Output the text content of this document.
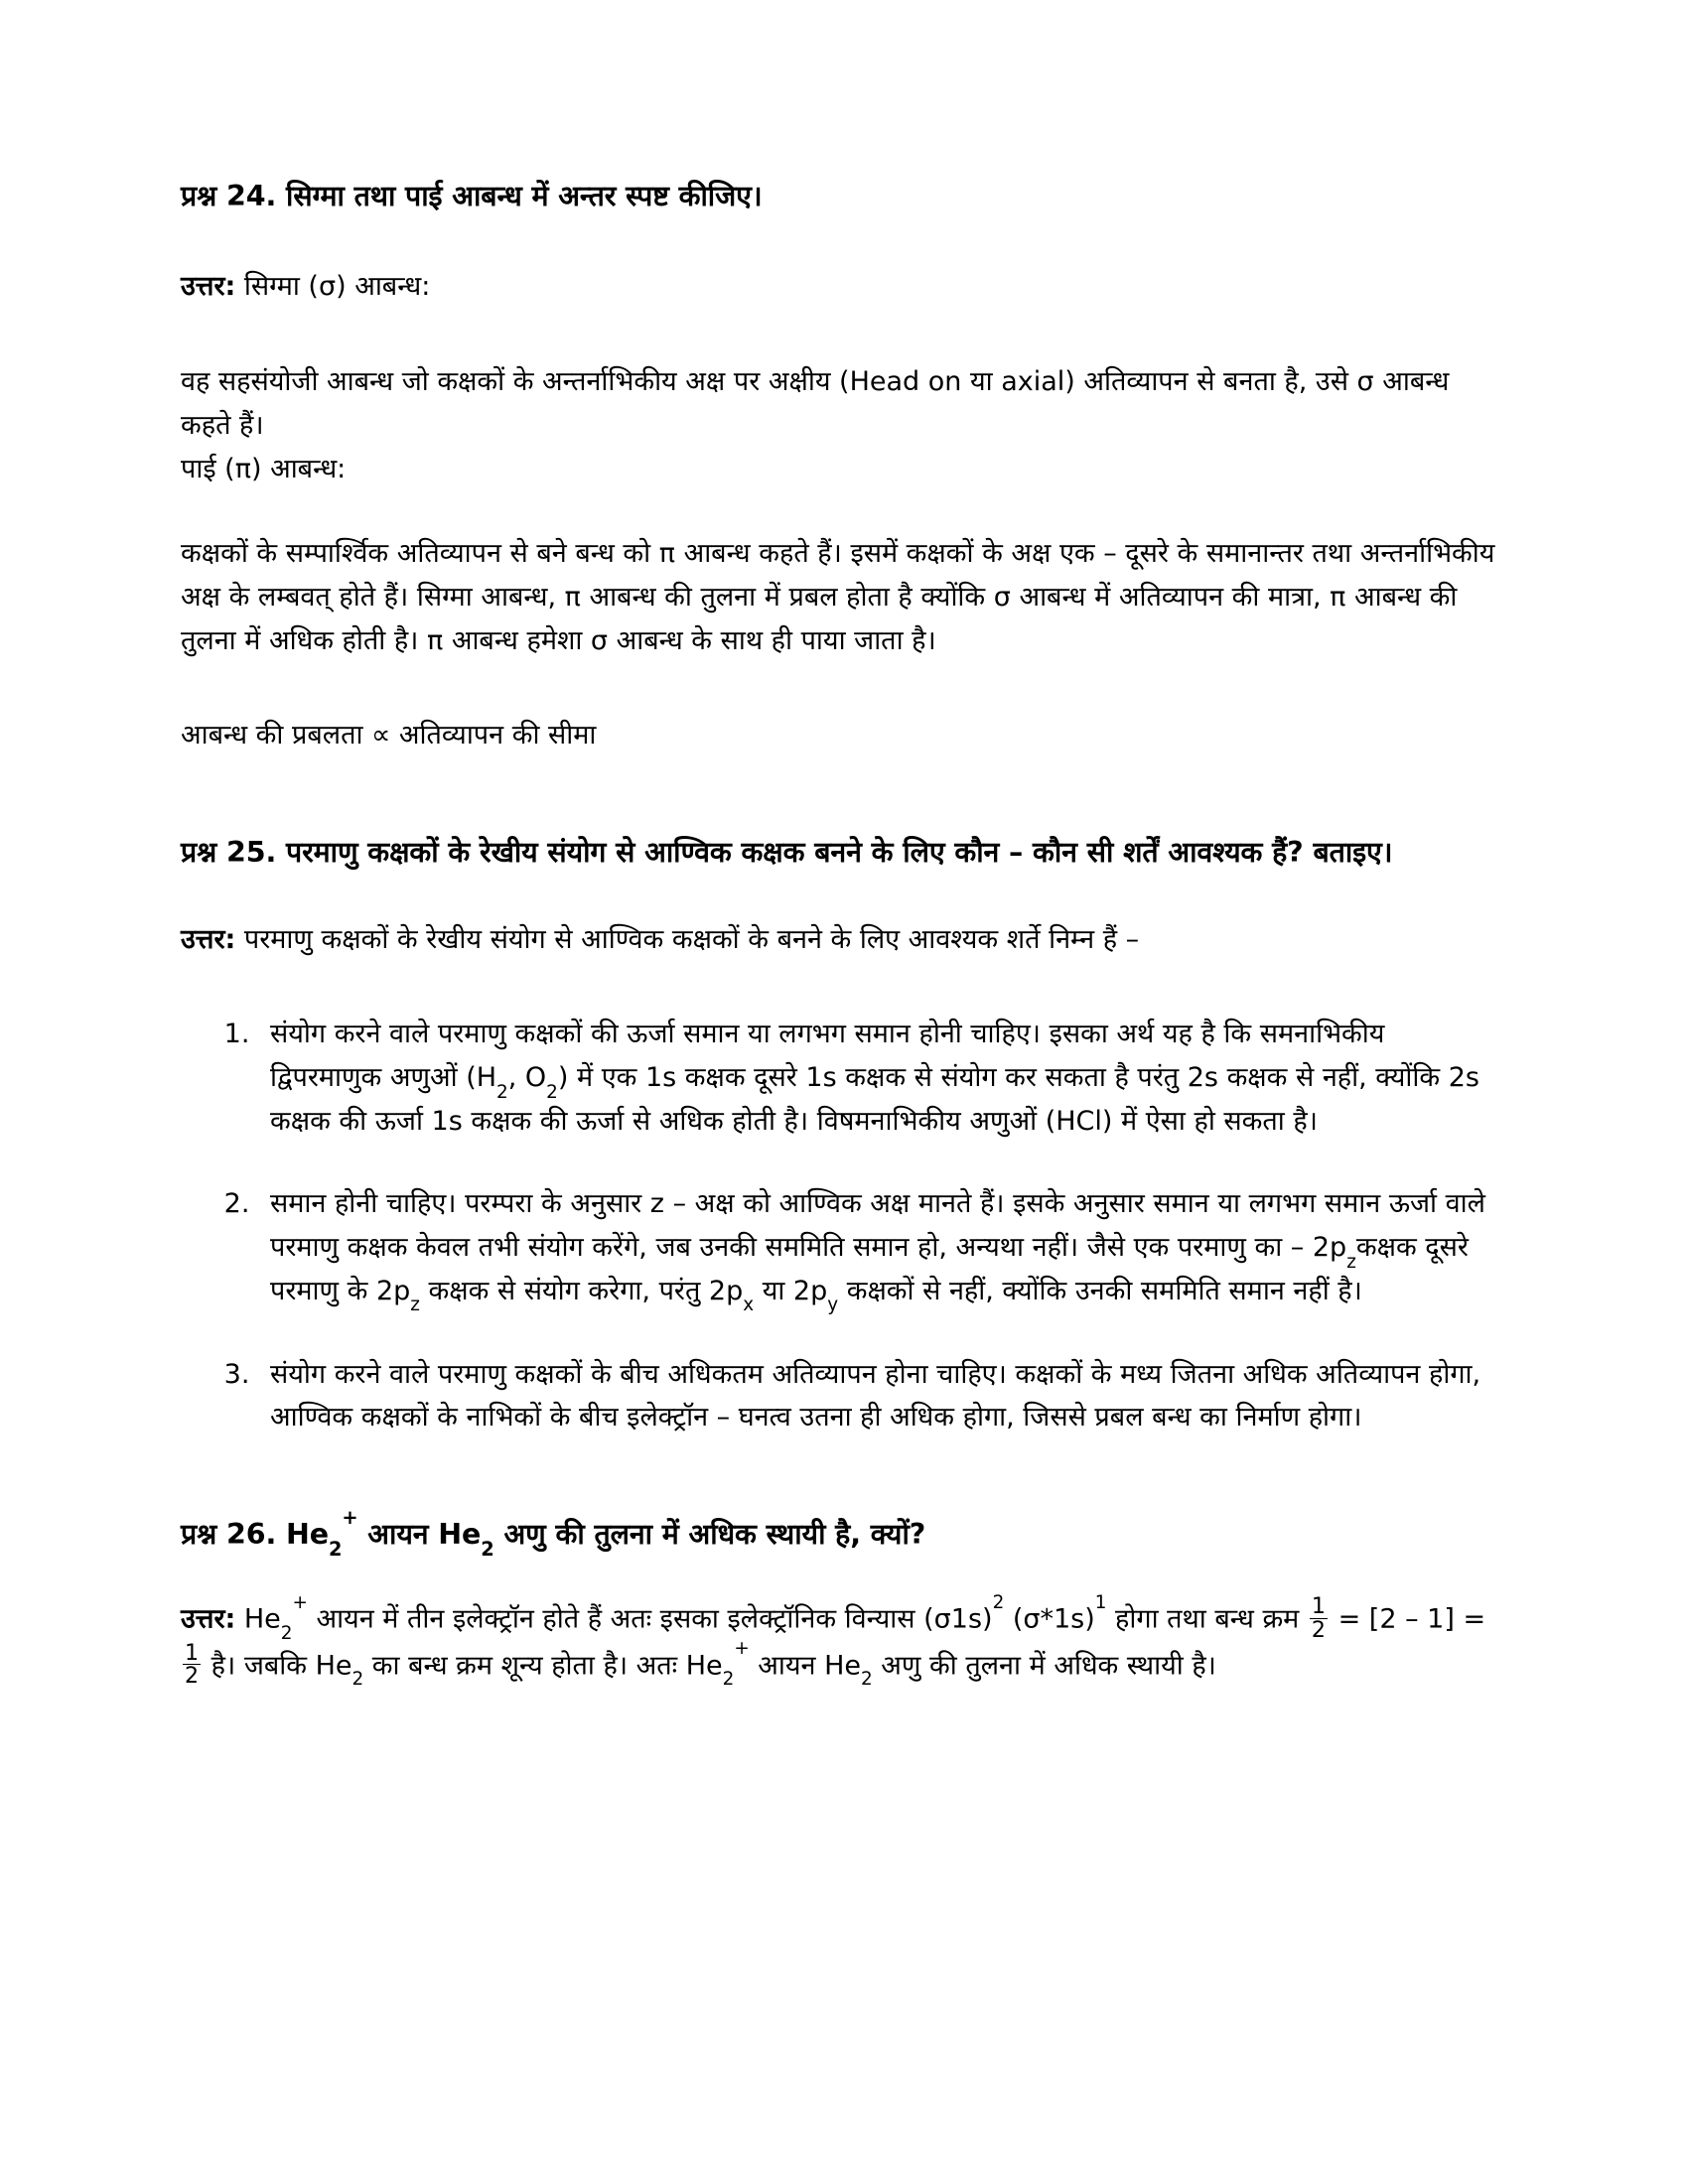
प्रश्न 24. सिग्मा तथा पाई आबन्ध में अन्तर स्पष्ट कीजिए।

उत्तर: सिग्मा (σ) आबन्ध:

वह सहसंयोजी आबन्ध जो कक्षकों के अन्तर्नाभिकीय अक्ष पर अक्षीय (Head on या axial) अतिव्यापन से बनता है, उसे σ आबन्ध कहते हैं।

पाई (π) आबन्ध:

कक्षकों के सम्पार्श्विक अतिव्यापन से बने बन्ध को π आबन्ध कहते हैं। इसमें कक्षकों के अक्ष एक – दूसरे के समानान्तर तथा अन्तर्नाभिकीय अक्ष के लम्बवत् होते हैं। सिग्मा आबन्ध, π आबन्ध की तुलना में प्रबल होता है क्योंकि σ आबन्ध में अतिव्यापन की मात्रा, π आबन्ध की तुलना में अधिक होती है। π आबन्ध हमेशा σ आबन्ध के साथ ही पाया जाता है।

आबन्ध की प्रबलता ∝ अतिव्यापन की सीमा

प्रश्न 25. परमाणु कक्षकों के रेखीय संयोग से आण्विक कक्षक बनने के लिए कौन – कौन सी शर्तें आवश्यक हैं? बताइए।

उत्तर: परमाणु कक्षकों के रेखीय संयोग से आण्विक कक्षकों के बनने के लिए आवश्यक शर्ते निम्न हैं –

1. संयोग करने वाले परमाणु कक्षकों की ऊर्जा समान या लगभग समान होनी चाहिए। इसका अर्थ यह है कि समनाभिकीय द्विपरमाणुक अणुओं ($H_2$, $O_2$) में एक 1s कक्षक दूसरे 1s कक्षक से संयोग कर सकता है परंतु 2s कक्षक से नहीं, क्योंकि 2s कक्षक की ऊर्जा 1s कक्षक की ऊर्जा से अधिक होती है। विषमनाभिकीय अणुओं (HCl) में ऐसा हो सकता है।
2. समान होनी चाहिए। परम्परा के अनुसार z – अक्ष को आण्विक अक्ष मानते हैं। इसके अनुसार समान या लगभग समान ऊर्जा वाले परमाणु कक्षक केवल तभी संयोग करेंगे, जब उनकी सममिति समान हो, अन्यथा नहीं। जैसे एक परमाणु का – $2p_zकक्षक$ दूसरे परमाणु के $2p_z$ कक्षक से संयोग करेगा, परंतु $2p_x$ या $2p_y$ कक्षकों से नहीं, क्योंकि उनकी सममिति समान नहीं है।
3. संयोग करने वाले परमाणु कक्षकों के बीच अधिकतम अतिव्यापन होना चाहिए। कक्षकों के मध्य जितना अधिक अतिव्यापन होगा, आण्विक कक्षकों के नाभिकों के बीच इलेक्ट्रॉन – घनत्व उतना ही अधिक होगा, जिससे प्रबल बन्ध का निर्माण होगा।

प्रश्न 26. $He_2^+$ आयन $He_2$ अणु की तुलना में अधिक स्थायी है, क्यों?

उत्तर: $He_2^+$ आयन में तीन इलेक्ट्रॉन होते हैं अतः इसका इलेक्ट्रॉनिक विन्यास $(\sigma 1s)^2$ $(\sigma*1s)^1$ होगा तथा बन्ध क्रम $\frac{1}{2} = [2 - 1]$ =
$\frac{1}{2}$ है। जबकि $He_2$ का बन्ध क्रम शून्य होता है। अतः $He_2^+$ आयन $He_2$ अणु की तुलना में अधिक स्थायी है।
